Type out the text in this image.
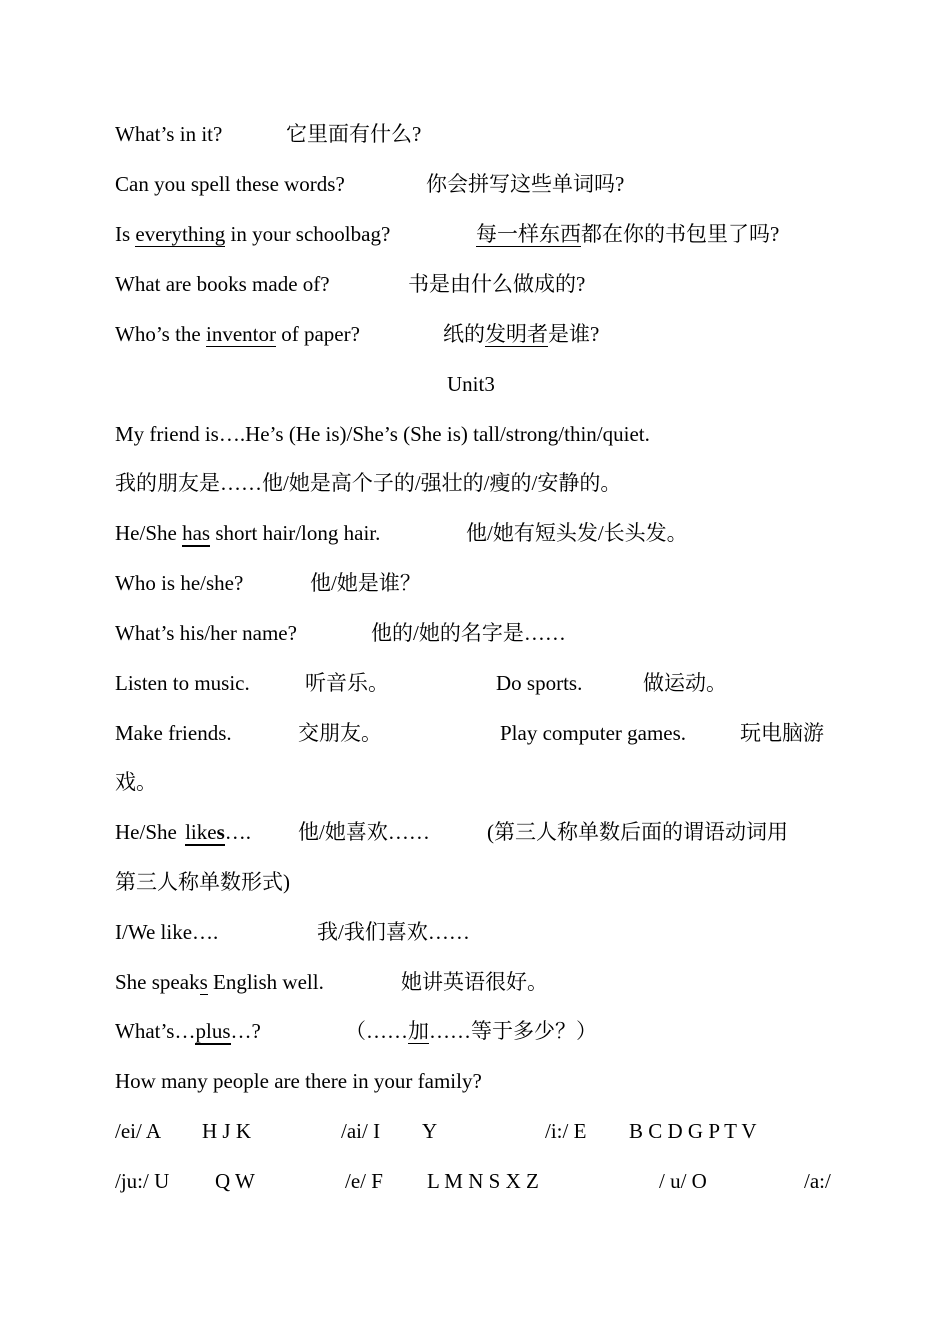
What’s in it?	它里面有什么?
Can you spell these words?	你会拼写这些单词吗?
Is everything in your schoolbag?	每一样东西都在你的书包里了吗?
What are books made of?	书是由什么做成的?
Who’s the inventor of paper?	纸的发明者是谁?
Unit3
My friend is….He’s (He is)/She’s (She is) tall/strong/thin/quiet.
我的朋友是……他/她是高个子的/强壮的/瘦的/安静的。
He/She has short hair/long hair.	他/她有短头发/长头发。
Who is he/she?	他/她是谁？
What’s his/her name?	他的/她的名字是……
Listen to music.	听音乐。	Do sports.	做运动。
Make friends.	交朋友。	Play computer games.	玩电脑游
戏。
He/She likes…. 他/她喜欢……	(第三人称单数后面的谓语动词用
第三人称单数形式)
I/We like….	我/我们喜欢……
She speaks English well.	她讲英语很好。
What’s…plus…?	（……加……等于多少？）
How many people are there in your family?
/ei/ A H J K	/ai/ I Y	/i:/ E B C D G P T V
/ju:/ U Q W	/e/ F L M N S X Z	/ u/ O	/a:/
